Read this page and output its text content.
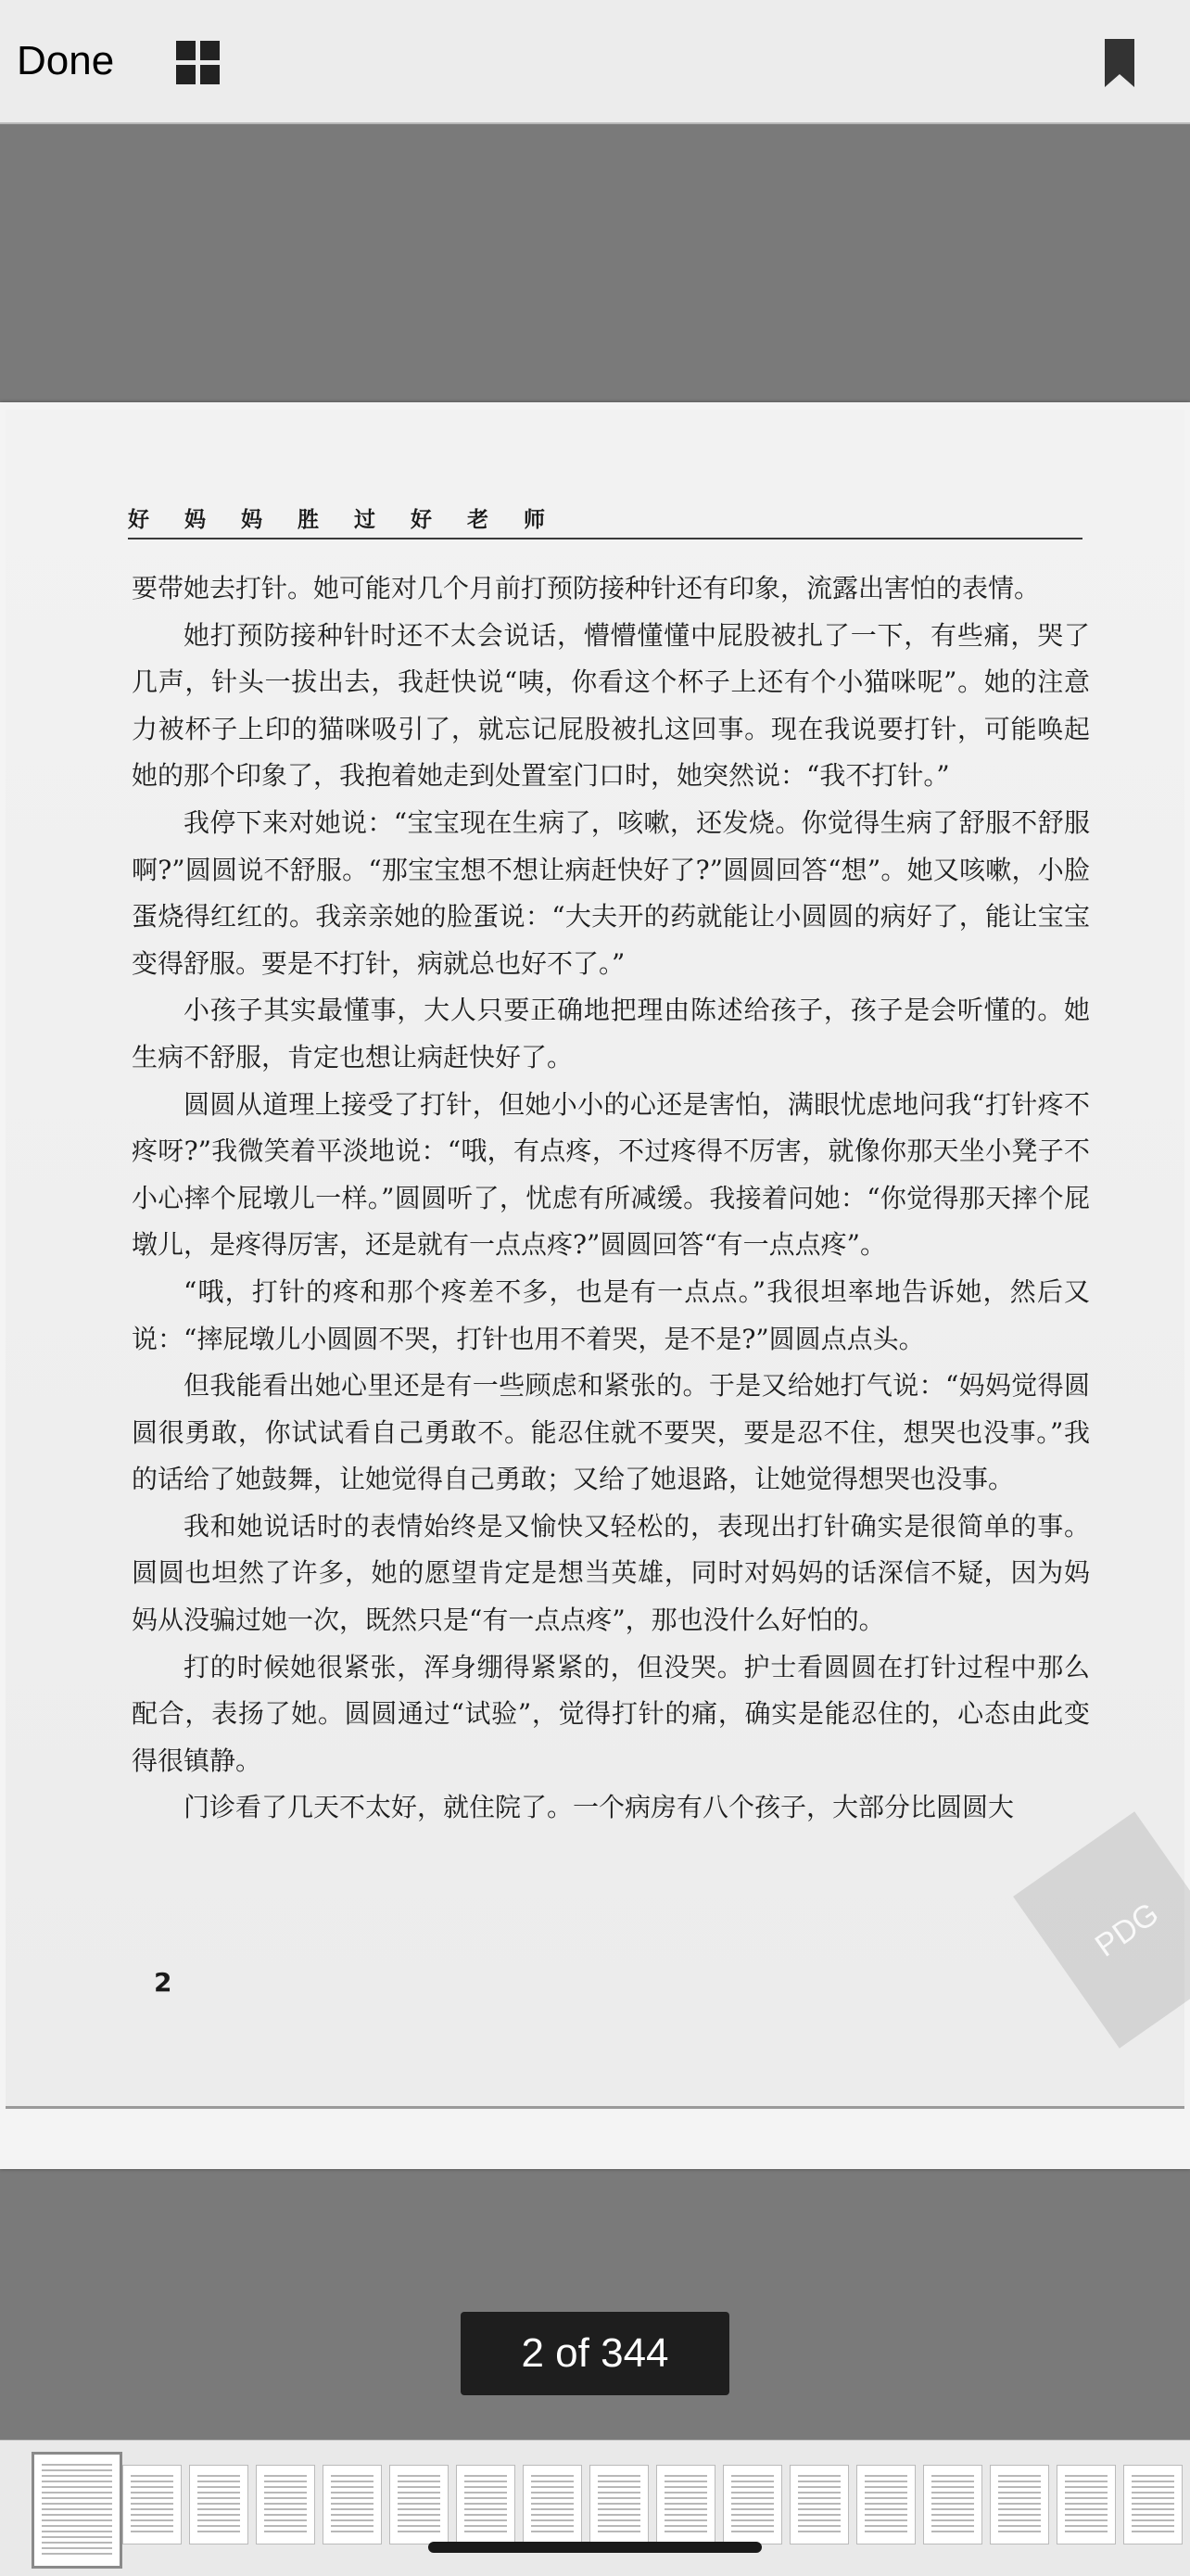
Done
好 妈 妈 胜 过 好 老 师

要带她去打针。她可能对几个月前打预防接种针还有印象，流露出害怕的表情。

她打预防接种针时还不太会说话，懵懵懂懂中屁股被扎了一下，有些痛，哭了几声，针头一拔出去，我赶快说“咦，你看这个杯子上还有个小猫咪呢”。她的注意力被杯子上印的猫咪吸引了，就忘记屁股被扎这回事。现在我说要打针，可能唤起她的那个印象了，我抱着她走到处置室门口时，她突然说：“我不打针。”

我停下来对她说：“宝宝现在生病了，咳嗽，还发烧。你觉得生病了舒服不舒服啊?”圆圆说不舒服。“那宝宝想不想让病赶快好了?”圆圆回答“想”。她又咳嗽，小脸蛋烧得红红的。我亲亲她的脸蛋说：“大夫开的药就能让小圆圆的病好了，能让宝宝变得舒服。要是不打针，病就总也好不了。”

小孩子其实最懂事，大人只要正确地把理由陈述给孩子，孩子是会听懂的。她生病不舒服，肯定也想让病赶快好了。

圆圆从道理上接受了打针，但她小小的心还是害怕，满眼忧虑地问我“打针疼不疼呀?”我微笑着平淡地说：“哦，有点疼，不过疼得不厉害，就像你那天坐小凳子不小心摔个屁墩儿一样。”圆圆听了，忧虑有所减缓。我接着问她：“你觉得那天摔个屁墩儿，是疼得厉害，还是就有一点点疼?”圆圆回答“有一点点疼”。

“哦，打针的疼和那个疼差不多，也是有一点点。”我很坦率地告诉她，然后又说：“摔屁墩儿小圆圆不哭，打针也用不着哭，是不是?”圆圆点点头。

但我能看出她心里还是有一些顾虑和紧张的。于是又给她打气说：“妈妈觉得圆圆很勇敢，你试试看自己勇敢不。能忍住就不要哭，要是忍不住，想哭也没事。”我的话给了她鼓舞，让她觉得自己勇敢；又给了她退路，让她觉得想哭也没事。

我和她说话时的表情始终是又愉快又轻松的，表现出打针确实是很简单的事。圆圆也坦然了许多，她的愿望肯定是想当英雄，同时对妈妈的话深信不疑，因为妈妈从没骗过她一次，既然只是“有一点点疼”，那也没什么好怕的。

打的时候她很紧张，浑身绷得紧紧的，但没哭。护士看圆圆在打针过程中那么配合，表扬了她。圆圆通过“试验”，觉得打针的痛，确实是能忍住的，心态由此变得很镇静。

门诊看了几天不太好，就住院了。一个病房有八个孩子，大部分比圆圆大

2
PDG
2 of 344
